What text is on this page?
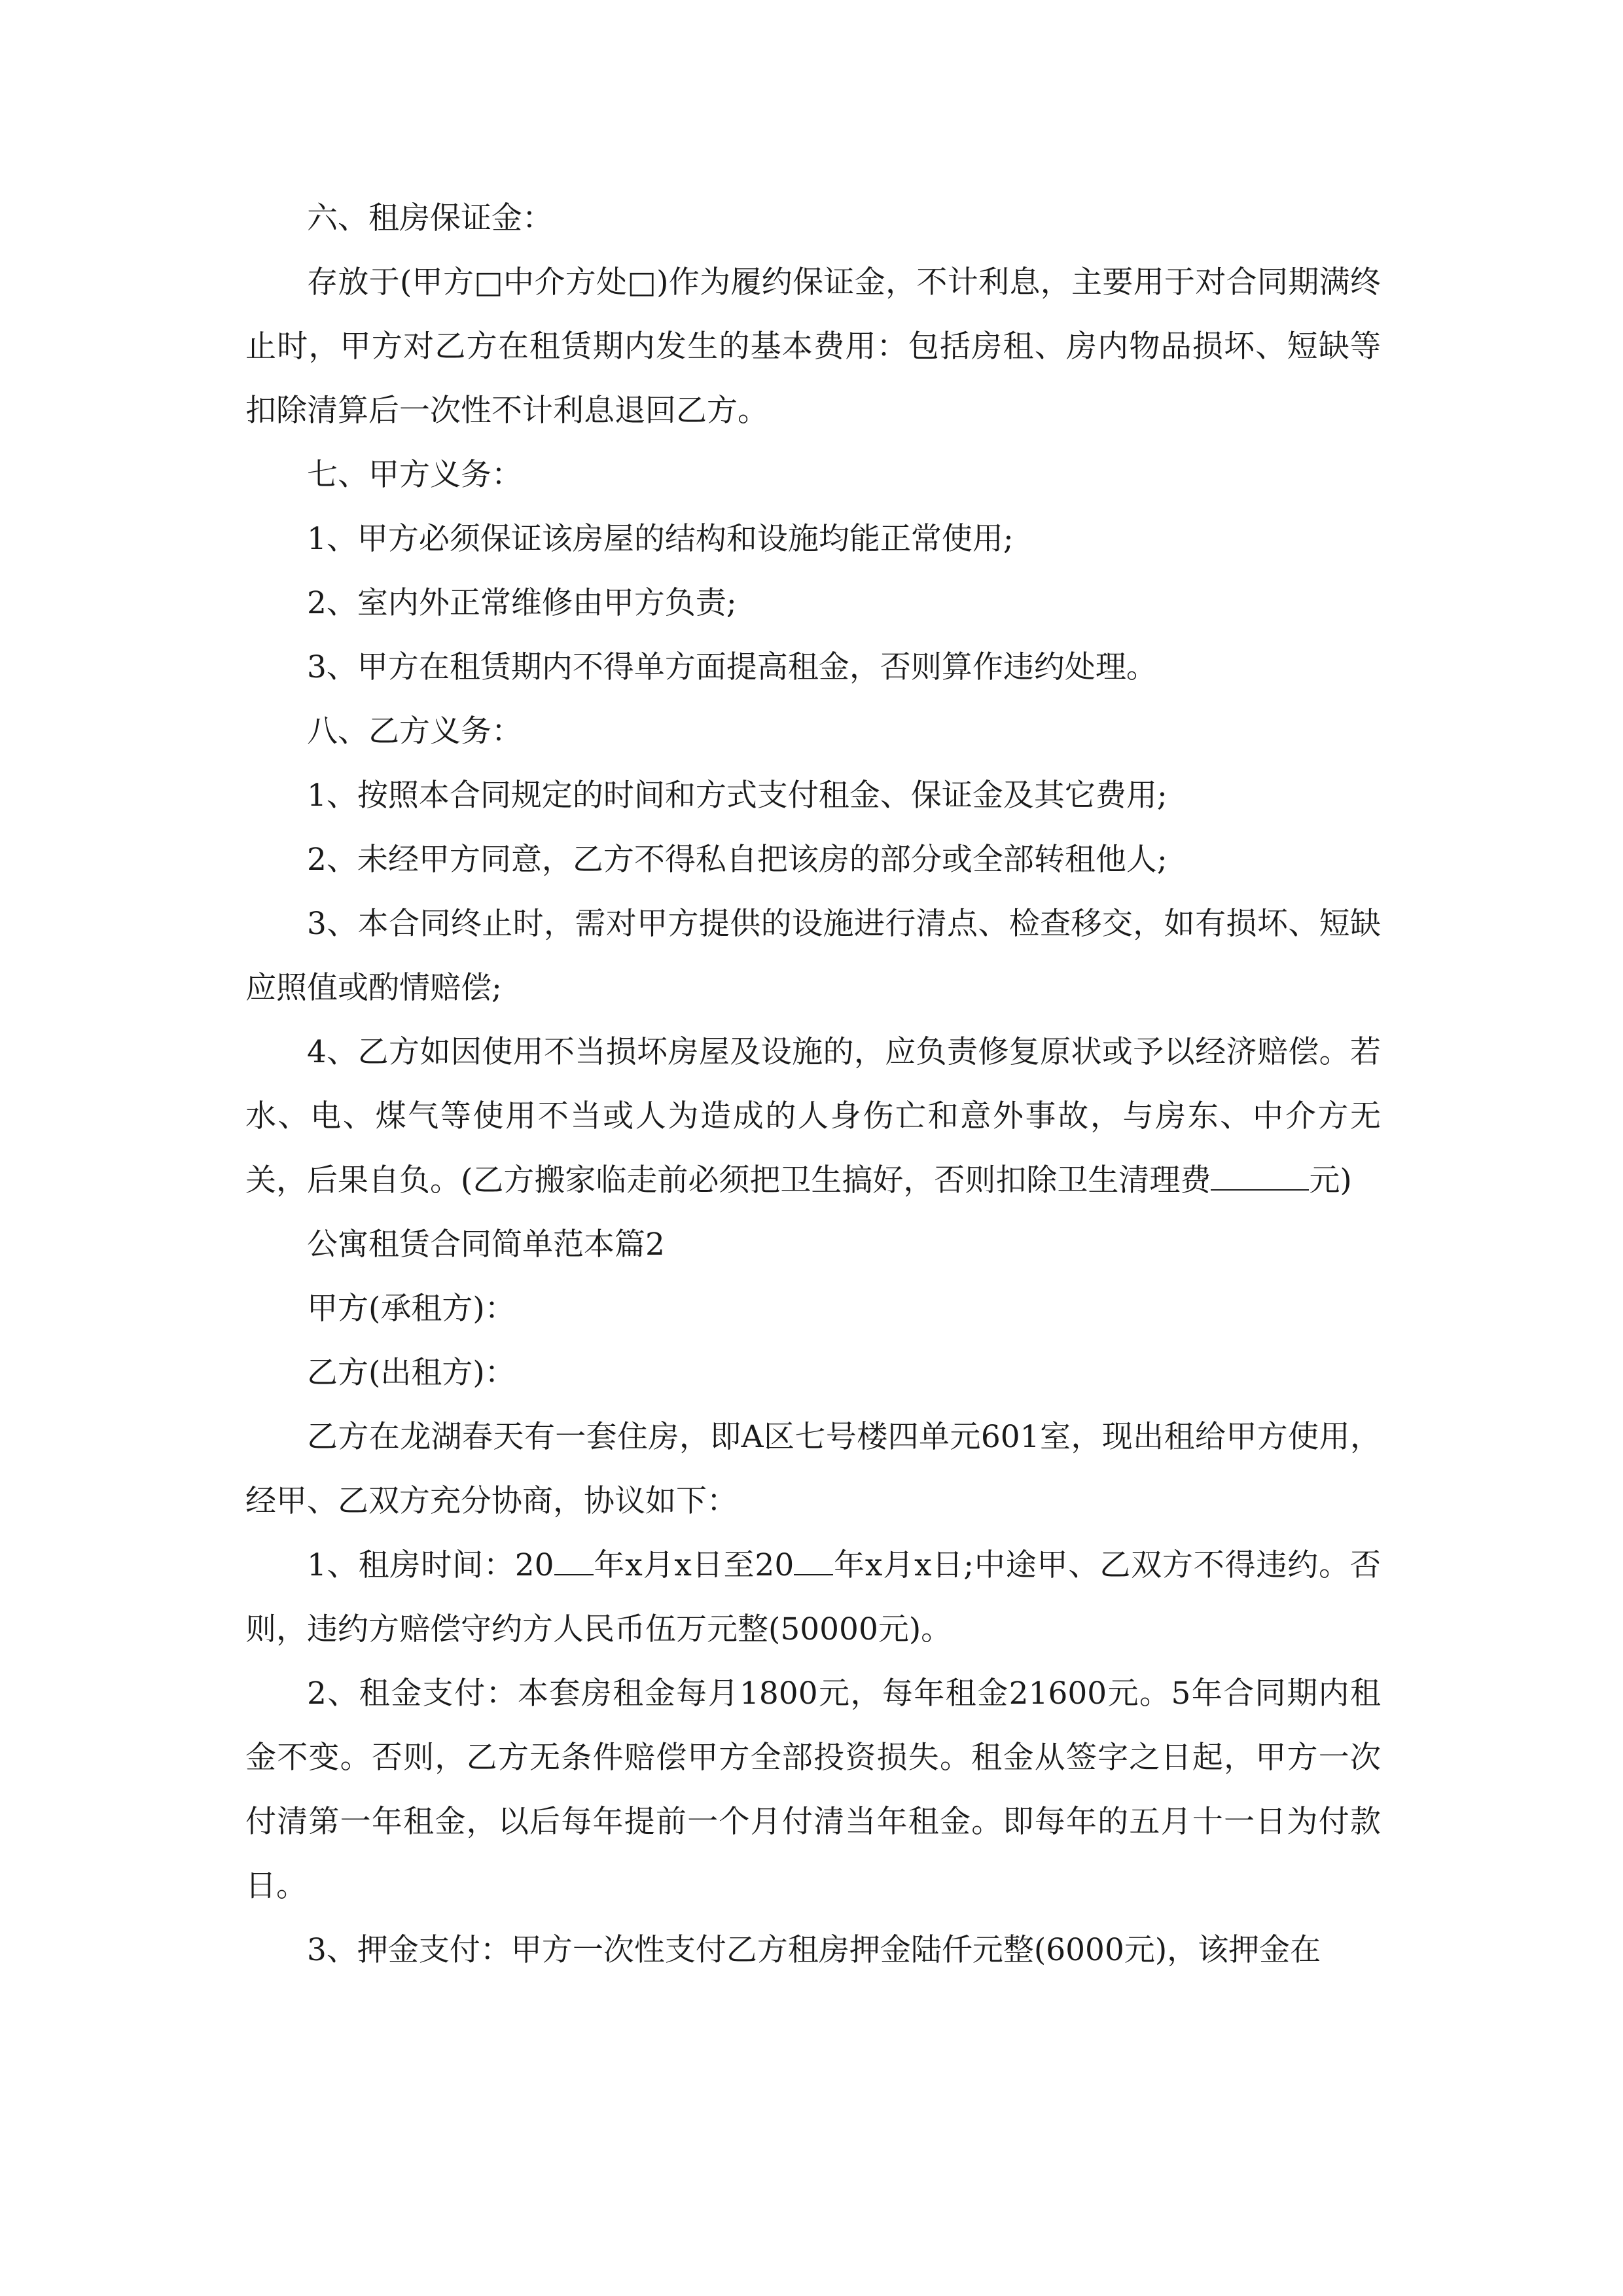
六、租房保证金：

存放于(甲方□中介方处□)作为履约保证金，不计利息，主要用于对合同期满终止时，甲方对乙方在租赁期内发生的基本费用：包括房租、房内物品损坏、短缺等扣除清算后一次性不计利息退回乙方。

七、甲方义务：

1、甲方必须保证该房屋的结构和设施均能正常使用;

2、室内外正常维修由甲方负责;

3、甲方在租赁期内不得单方面提高租金，否则算作违约处理。

八、乙方义务：

1、按照本合同规定的时间和方式支付租金、保证金及其它费用;

2、未经甲方同意，乙方不得私自把该房的部分或全部转租他人;

3、本合同终止时，需对甲方提供的设施进行清点、检查移交，如有损坏、短缺应照值或酌情赔偿;

4、乙方如因使用不当损坏房屋及设施的，应负责修复原状或予以经济赔偿。若水、电、煤气等使用不当或人为造成的人身伤亡和意外事故，与房东、中介方无关，后果自负。(乙方搬家临走前必须把卫生搞好，否则扣除卫生清理费	元)

公寓租赁合同简单范本篇2

甲方(承租方)：

乙方(出租方)：

乙方在龙湖春天有一套住房，即A区七号楼四单元601室，现出租给甲方使用，经甲、乙双方充分协商，协议如下：

1、租房时间：20 年x月x日至20 年x月x日;中途甲、乙双方不得违约。否则，违约方赔偿守约方人民币伍万元整(50000元)。

2、租金支付：本套房租金每月1800元，每年租金21600元。5年合同期内租金不变。否则，乙方无条件赔偿甲方全部投资损失。租金从签字之日起，甲方一次付清第一年租金，以后每年提前一个月付清当年租金。即每年的五月十一日为付款日。

3、押金支付：甲方一次性支付乙方租房押金陆仟元整(6000元)，该押金在
